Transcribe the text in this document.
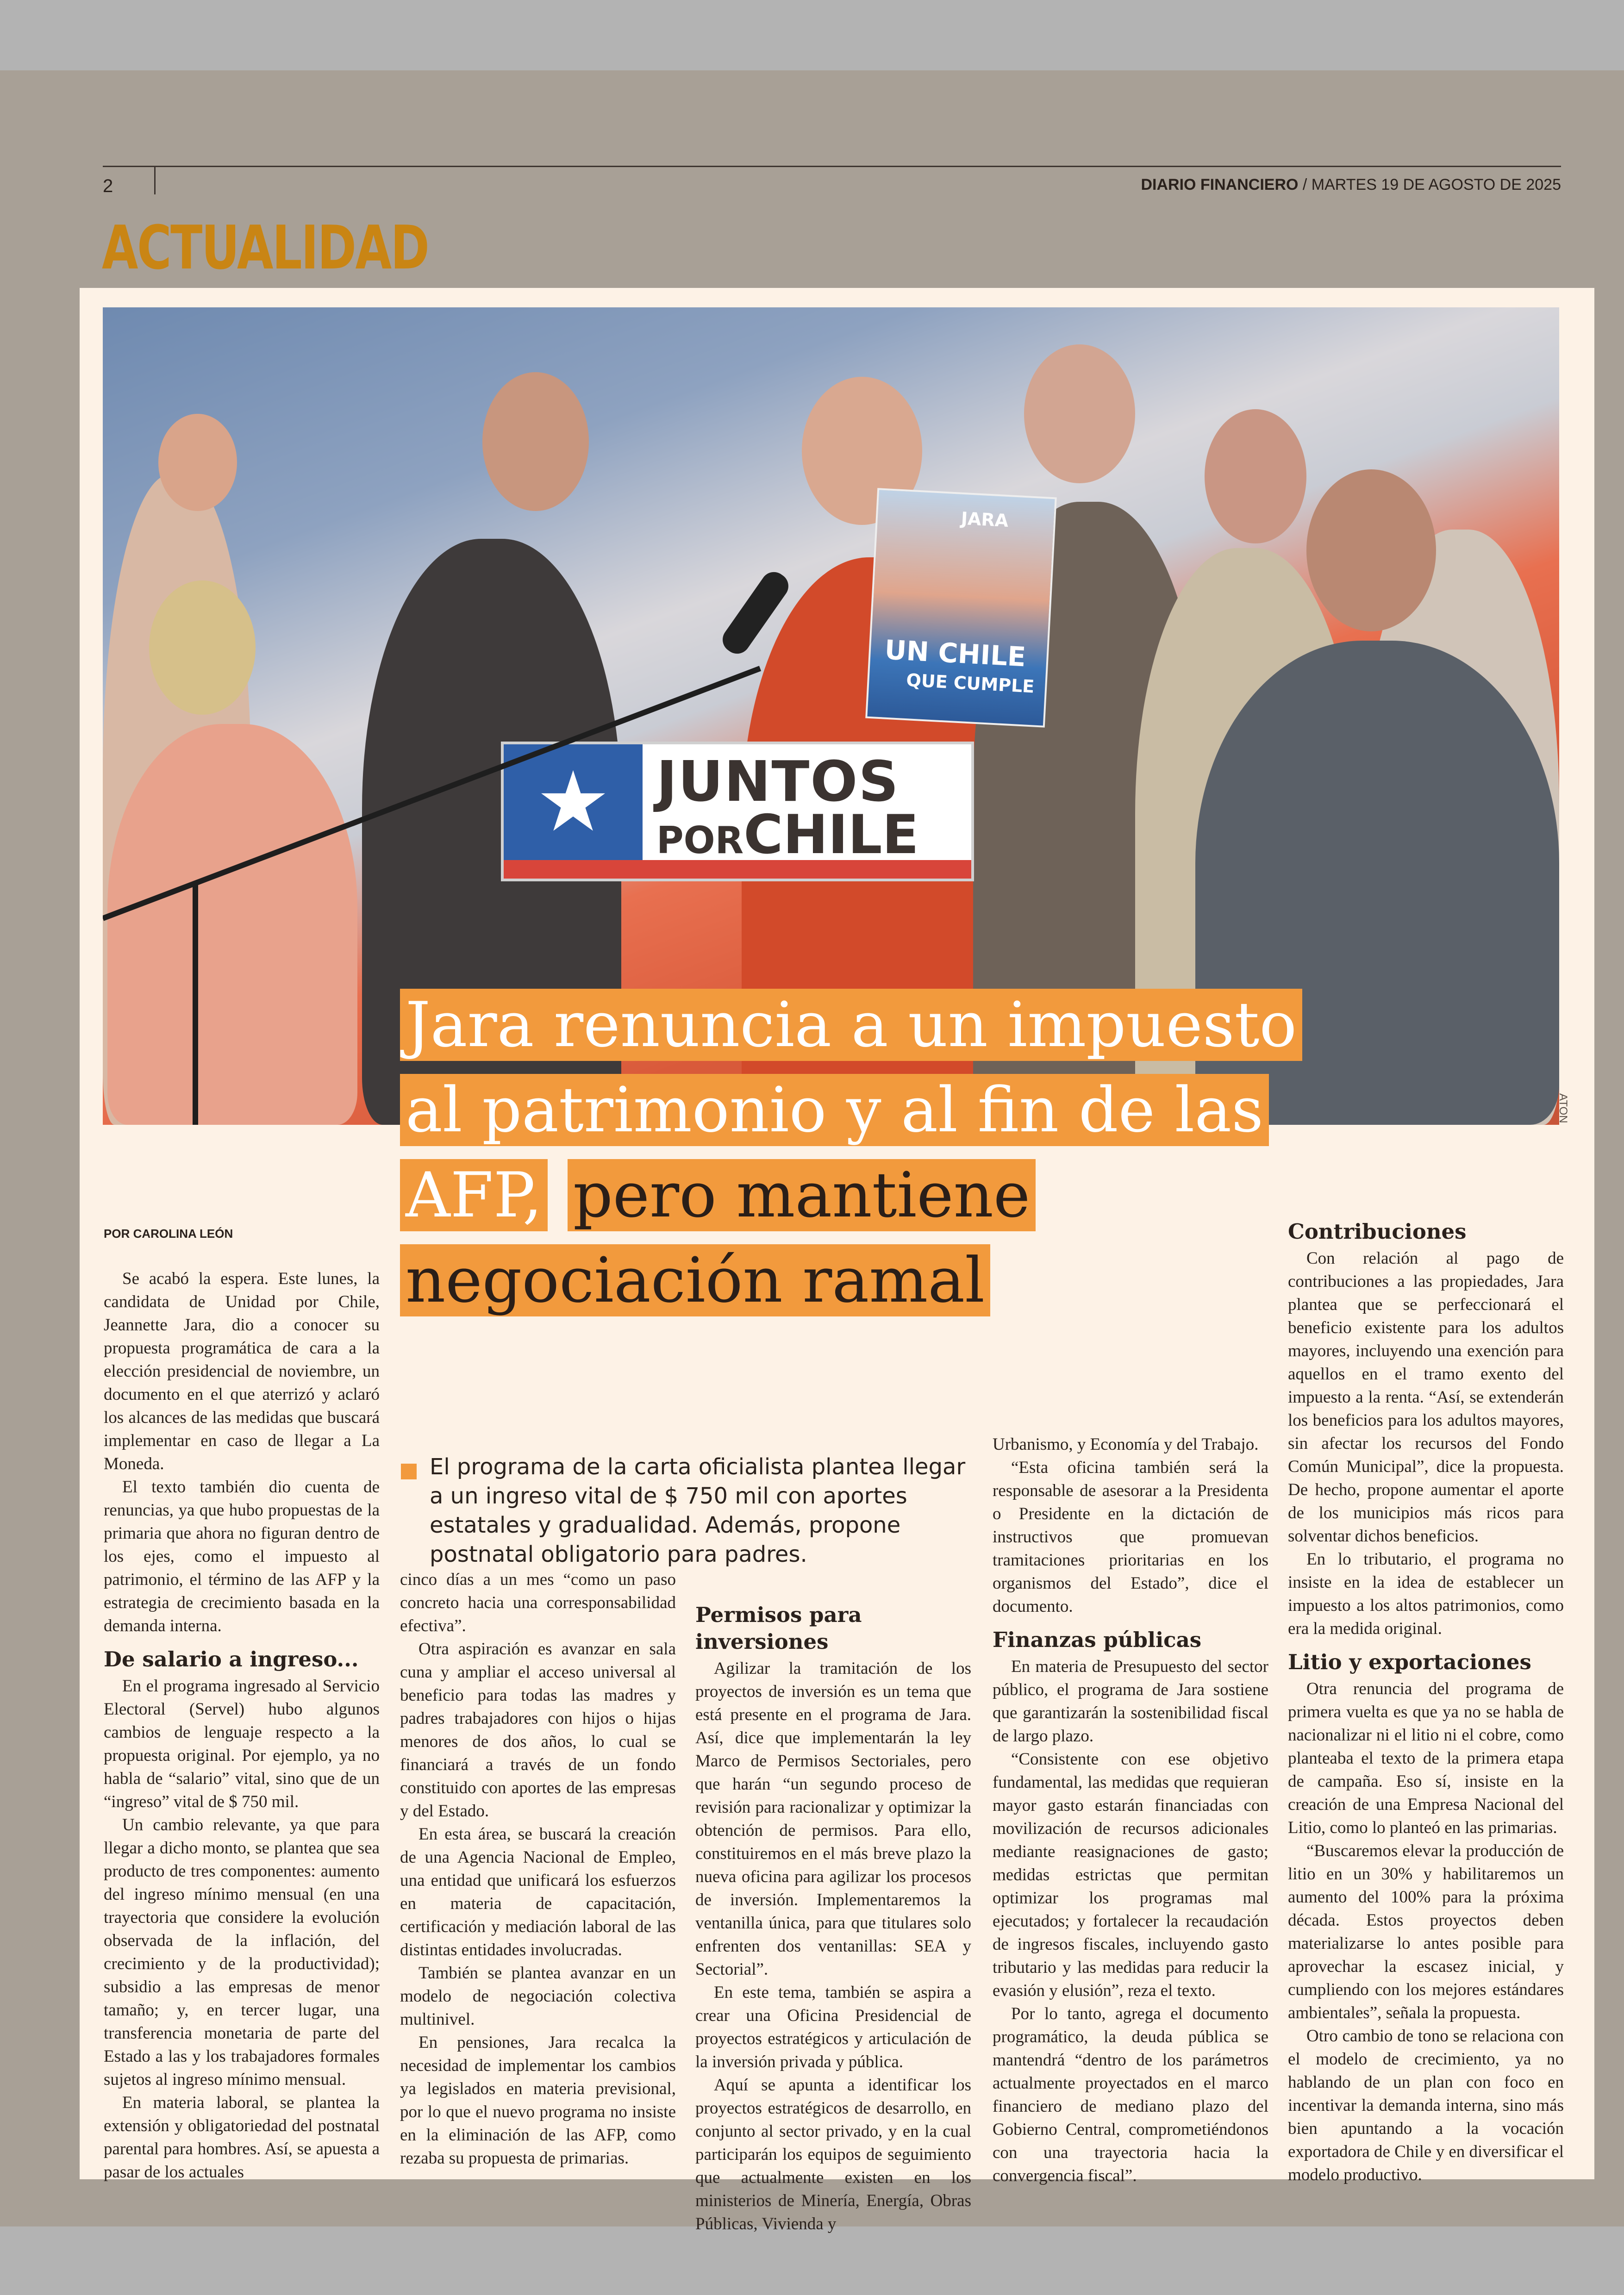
2	DIARIO FINANCIERO / MARTES 19 DE AGOSTO DE 2025
ACTUALIDAD
JARA
UN CHILE
QUE CUMPLE
★ JUNTOS
PORCHILE
ATON
Jara renuncia a un impuesto al patrimonio y al fin de las AFP, pero mantiene negociación ramal
POR CAROLINA LEÓN
El programa de la carta oficialista plantea llegar a un ingreso vital de $ 750 mil con aportes estatales y gradualidad. Además, propone postnatal obligatorio para padres.

Se acabó la espera. Este lunes, la candidata de Unidad por Chile, Jeannette Jara, dio a conocer su propuesta programática de cara a la elección presidencial de noviembre, un documento en el que aterrizó y aclaró los alcances de las medidas que buscará implementar en caso de llegar a La Moneda.

El texto también dio cuenta de renuncias, ya que hubo propuestas de la primaria que ahora no figuran dentro de los ejes, como el impuesto al patrimonio, el término de las AFP y la estrategia de crecimiento basada en la demanda interna.

De salario a ingreso...

En el programa ingresado al Servicio Electoral (Servel) hubo algunos cambios de lenguaje respecto a la propuesta original. Por ejemplo, ya no habla de “salario” vital, sino que de un “ingreso” vital de $ 750 mil.

Un cambio relevante, ya que para llegar a dicho monto, se plantea que sea producto de tres componentes: aumento del ingreso mínimo mensual (en una trayectoria que considere la evolución observada de la inflación, del crecimiento y de la productividad); subsidio a las empresas de menor tamaño; y, en tercer lugar, una transferencia monetaria de parte del Estado a las y los trabajadores formales sujetos al ingreso mínimo mensual.

En materia laboral, se plantea la extensión y obligatoriedad del postnatal parental para hombres. Así, se apuesta a pasar de los actuales

cinco días a un mes “como un paso concreto hacia una corresponsabilidad efectiva”.

Otra aspiración es avanzar en sala cuna y ampliar el acceso universal al beneficio para todas las madres y padres trabajadores con hijos o hijas menores de dos años, lo cual se financiará a través de un fondo constituido con aportes de las empresas y del Estado.

En esta área, se buscará la creación de una Agencia Nacional de Empleo, una entidad que unificará los esfuerzos en materia de capacitación, certificación y mediación laboral de las distintas entidades involucradas.

También se plantea avanzar en un modelo de negociación colectiva multinivel.

En pensiones, Jara recalca la necesidad de implementar los cambios ya legislados en materia previsional, por lo que el nuevo programa no insiste en la eliminación de las AFP, como rezaba su propuesta de primarias.

Permisos para inversiones

Agilizar la tramitación de los proyectos de inversión es un tema que está presente en el programa de Jara. Así, dice que implementarán la ley Marco de Permisos Sectoriales, pero que harán “un segundo proceso de revisión para racionalizar y optimizar la obtención de permisos. Para ello, constituiremos en el más breve plazo la nueva oficina para agilizar los procesos de inversión. Implementaremos la ventanilla única, para que titulares solo enfrenten dos ventanillas: SEA y Sectorial”.

En este tema, también se aspira a crear una Oficina Presidencial de proyectos estratégicos y articulación de la inversión privada y pública.

Aquí se apunta a identificar los proyectos estratégicos de desarrollo, en conjunto al sector privado, y en la cual participarán los equipos de seguimiento que actualmente existen en los ministerios de Minería, Energía, Obras Públicas, Vivienda y

Urbanismo, y Economía y del Trabajo.

“Esta oficina también será la responsable de asesorar a la Presidenta o Presidente en la dictación de instructivos que promuevan tramitaciones prioritarias en los organismos del Estado”, dice el documento.

Finanzas públicas

En materia de Presupuesto del sector público, el programa de Jara sostiene que garantizarán la sostenibilidad fiscal de largo plazo.

“Consistente con ese objetivo fundamental, las medidas que requieran mayor gasto estarán financiadas con movilización de recursos adicionales mediante reasignaciones de gasto; medidas estrictas que permitan optimizar los programas mal ejecutados; y fortalecer la recaudación de ingresos fiscales, incluyendo gasto tributario y las medidas para reducir la evasión y elusión”, reza el texto.

Por lo tanto, agrega el documento programático, la deuda pública se mantendrá “dentro de los parámetros actualmente proyectados en el marco financiero de mediano plazo del Gobierno Central, comprometiéndonos con una trayectoria hacia la convergencia fiscal”.

Contribuciones

Con relación al pago de contribuciones a las propiedades, Jara plantea que se perfeccionará el beneficio existente para los adultos mayores, incluyendo una exención para aquellos en el tramo exento del impuesto a la renta. “Así, se extenderán los beneficios para los adultos mayores, sin afectar los recursos del Fondo Común Municipal”, dice la propuesta. De hecho, propone aumentar el aporte de los municipios más ricos para solventar dichos beneficios.

En lo tributario, el programa no insiste en la idea de establecer un impuesto a los altos patrimonios, como era la medida original.

Litio y exportaciones

Otra renuncia del programa de primera vuelta es que ya no se habla de nacionalizar ni el litio ni el cobre, como planteaba el texto de la primera etapa de campaña. Eso sí, insiste en la creación de una Empresa Nacional del Litio, como lo planteó en las primarias.

“Buscaremos elevar la producción de litio en un 30% y habilitaremos un aumento del 100% para la próxima década. Estos proyectos deben materializarse lo antes posible para aprovechar la escasez inicial, y cumpliendo con los mejores estándares ambientales”, señala la propuesta.

Otro cambio de tono se relaciona con el modelo de crecimiento, ya no hablando de un plan con foco en incentivar la demanda interna, sino más bien apuntando a la vocación exportadora de Chile y en diversificar el modelo productivo.
